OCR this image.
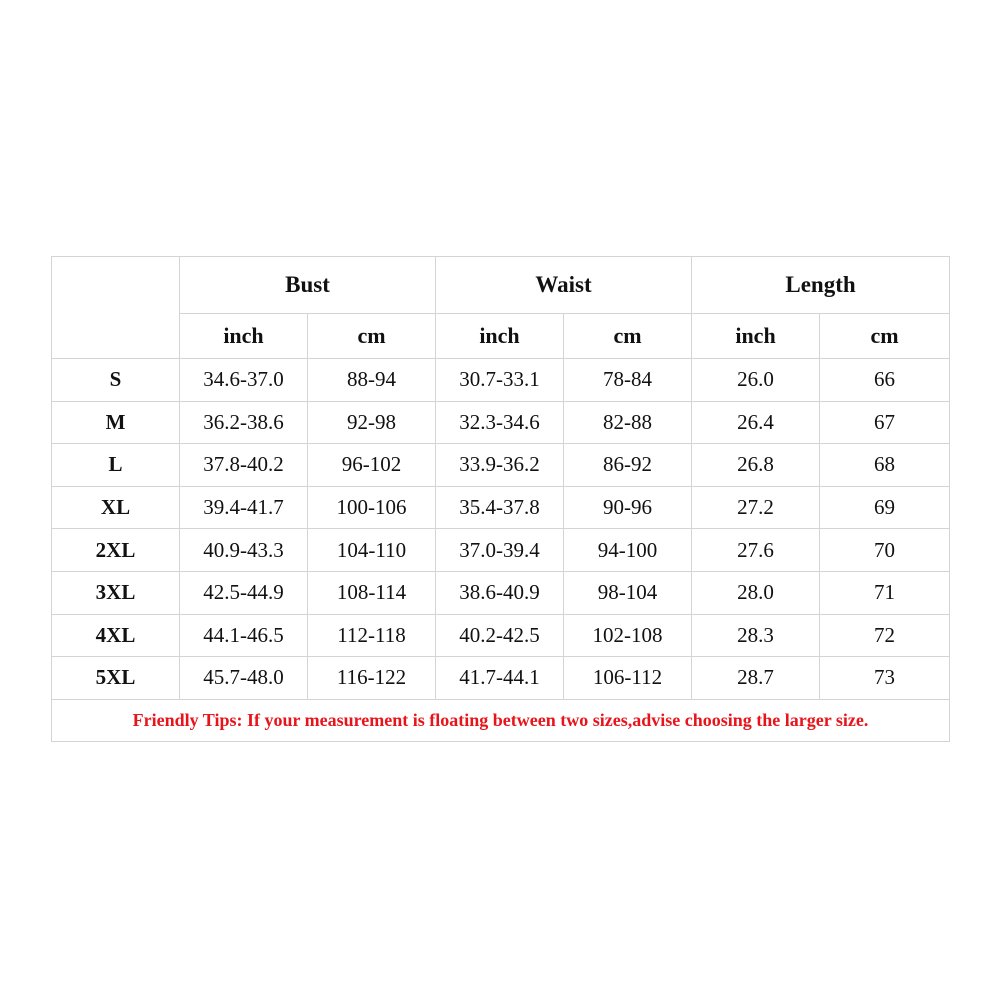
	Bust		Waist		Length	
	inch	cm	inch	cm	inch	cm
S	34.6-37.0	88-94	30.7-33.1	78-84	26.0	66
M	36.2-38.6	92-98	32.3-34.6	82-88	26.4	67
L	37.8-40.2	96-102	33.9-36.2	86-92	26.8	68
XL	39.4-41.7	100-106	35.4-37.8	90-96	27.2	69
2XL	40.9-43.3	104-110	37.0-39.4	94-100	27.6	70
3XL	42.5-44.9	108-114	38.6-40.9	98-104	28.0	71
4XL	44.1-46.5	112-118	40.2-42.5	102-108	28.3	72
5XL	45.7-48.0	116-122	41.7-44.1	106-112	28.7	73
Friendly Tips: If your measurement is floating between two sizes,advise choosing the larger size.						
